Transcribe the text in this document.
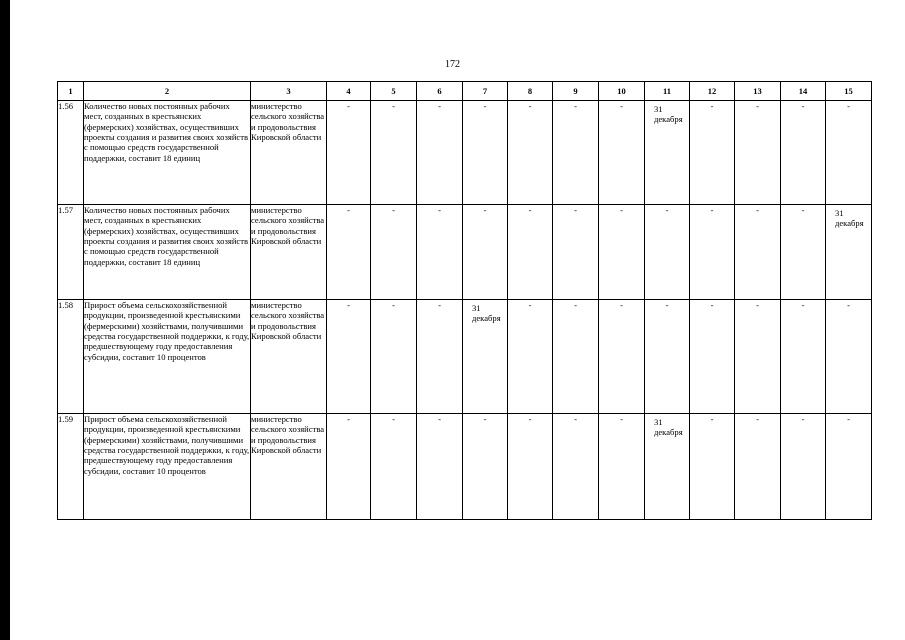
172
1	2	3	4	5	6	7	8	9	10	11	12	13	14	15
1.56	Количество новых постоянных рабочих мест, созданных в крестьянских (фермерских) хозяйствах, осуществивших проекты создания и развития своих хозяйств с помощью средств государственной поддержки, составит 18 единиц	министерство сельского хозяйства и продовольствия Кировской области	-	-	-	-	-	-	-	31 декабря	-	-	-	-
1.57	Количество новых постоянных рабочих мест, созданных в крестьянских (фермерских) хозяйствах, осуществивших проекты создания и развития своих хозяйств с помощью средств государственной поддержки, составит 18 единиц	министерство сельского хозяйства и продовольствия Кировской области	-	-	-	-	-	-	-	-	-	-	-	31 декабря
1.58	Прирост объема сельскохозяйственной продукции, произведенной крестьянскими (фермерскими) хозяйствами, получившими средства государственной поддержки, к году, предшествующему году предоставления субсидии, составит 10 процентов	министерство сельского хозяйства и продовольствия Кировской области	-	-	-	31 декабря	-	-	-	-	-	-	-	-
1.59	Прирост объема сельскохозяйственной продукции, произведенной крестьянскими (фермерскими) хозяйствами, получившими средства государственной поддержки, к году, предшествующему году предоставления субсидии, составит 10 процентов	министерство сельского хозяйства и продовольствия Кировской области	-	-	-	-	-	-	-	31 декабря	-	-	-	-
